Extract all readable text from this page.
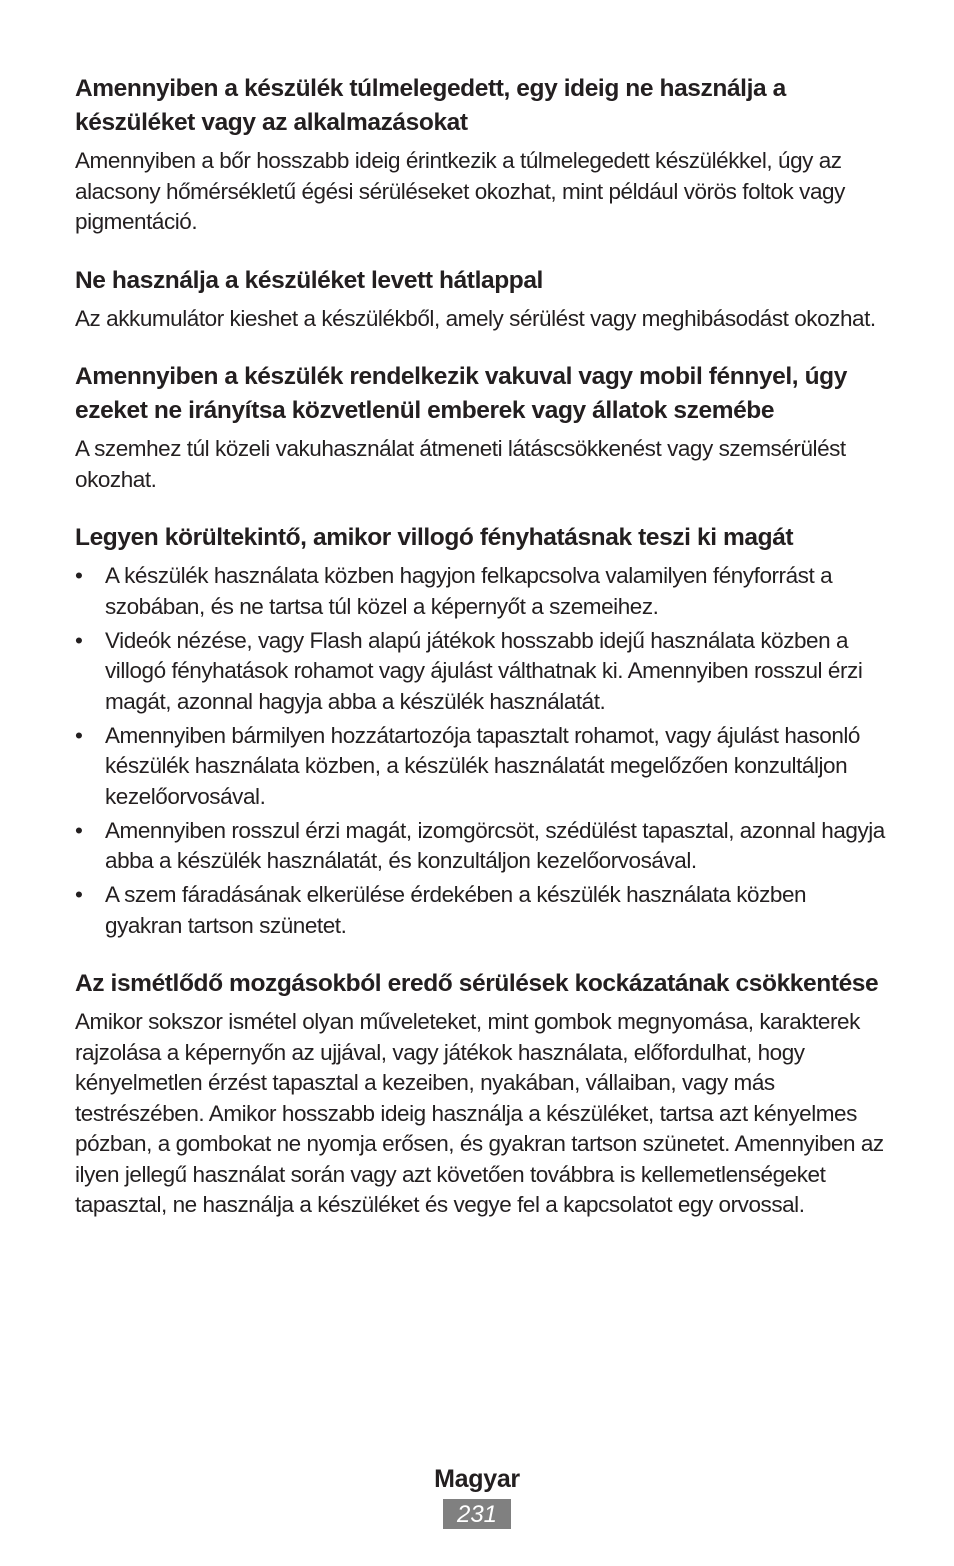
Amennyiben a készülék túlmelegedett, egy ideig ne használja a készüléket vagy az alkalmazásokat

Amennyiben a bőr hosszabb ideig érintkezik a túlmelegedett készülékkel, úgy az alacsony hőmérsékletű égési sérüléseket okozhat, mint például vörös foltok vagy pigmentáció.

Ne használja a készüléket levett hátlappal

Az akkumulátor kieshet a készülékből, amely sérülést vagy meghibásodást okozhat.

Amennyiben a készülék rendelkezik vakuval vagy mobil fénnyel, úgy ezeket ne irányítsa közvetlenül emberek vagy állatok szemébe

A szemhez túl közeli vakuhasználat átmeneti látáscsökkenést vagy szemsérülést okozhat.

Legyen körültekintő, amikor villogó fényhatásnak teszi ki magát
• A készülék használata közben hagyjon felkapcsolva valamilyen fényforrást a szobában, és ne tartsa túl közel a képernyőt a szemeihez.
• Videók nézése, vagy Flash alapú játékok hosszabb idejű használata közben a villogó fényhatások rohamot vagy ájulást válthatnak ki. Amennyiben rosszul érzi magát, azonnal hagyja abba a készülék használatát.
• Amennyiben bármilyen hozzátartozója tapasztalt rohamot, vagy ájulást hasonló készülék használata közben, a készülék használatát megelőzően konzultáljon kezelőorvosával.
• Amennyiben rosszul érzi magát, izomgörcsöt, szédülést tapasztal, azonnal hagyja abba a készülék használatát, és konzultáljon kezelőorvosával.
• A szem fáradásának elkerülése érdekében a készülék használata közben gyakran tartson szünetet.
Az ismétlődő mozgásokból eredő sérülések kockázatának csökkentése

Amikor sokszor ismétel olyan műveleteket, mint gombok megnyomása, karakterek rajzolása a képernyőn az ujjával, vagy játékok használata, előfordulhat, hogy kényelmetlen érzést tapasztal a kezeiben, nyakában, vállaiban, vagy más testrészében. Amikor hosszabb ideig használja a készüléket, tartsa azt kényelmes pózban, a gombokat ne nyomja erősen, és gyakran tartson szünetet. Amennyiben az ilyen jellegű használat során vagy azt követően továbbra is kellemetlenségeket tapasztal, ne használja a készüléket és vegye fel a kapcsolatot egy orvossal.

Magyar
231
